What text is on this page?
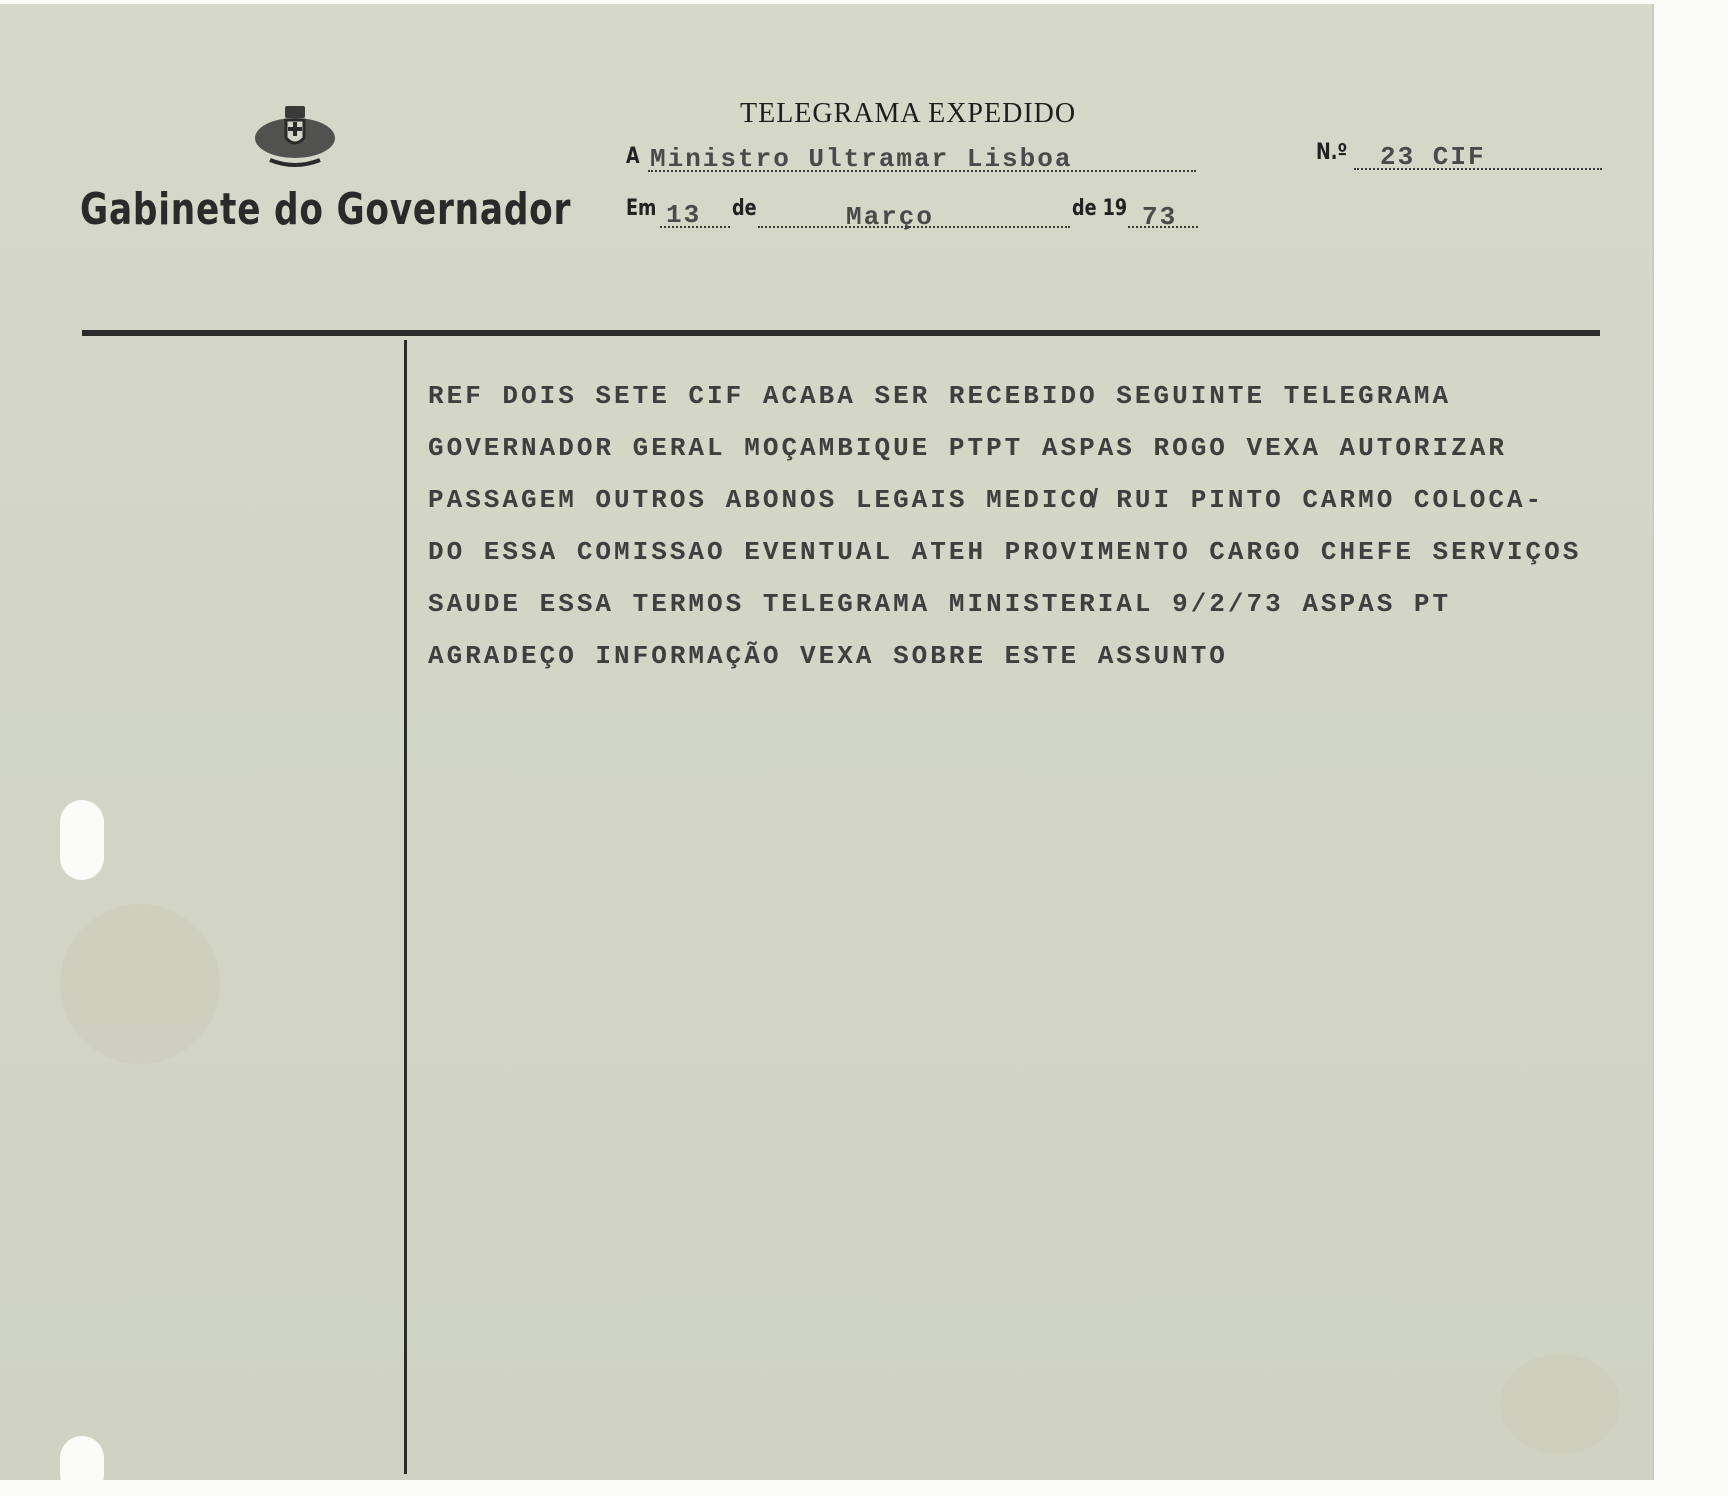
Gabinete do Governador
TELEGRAMA EXPEDIDO
A Ministro Ultramar Lisboa	N.º 23 CIF
Em 13 de	Março	de 19 73
REF DOIS SETE CIF ACABA SER RECEBIDO SEGUINTE TELEGRAMA
GOVERNADOR GERAL MOÇAMBIQUE PTPT ASPAS ROGO VEXA AUTORIZAR
PASSAGEM OUTROS ABONOS LEGAIS MEDICO̸ RUI PINTO CARMO COLOCA-
DO ESSA COMISSAO EVENTUAL ATEH PROVIMENTO CARGO CHEFE SERVIÇOS
SAUDE ESSA TERMOS TELEGRAMA MINISTERIAL 9/2/73 ASPAS PT
AGRADEÇO INFORMAÇÃO VEXA SOBRE ESTE ASSUNTO
